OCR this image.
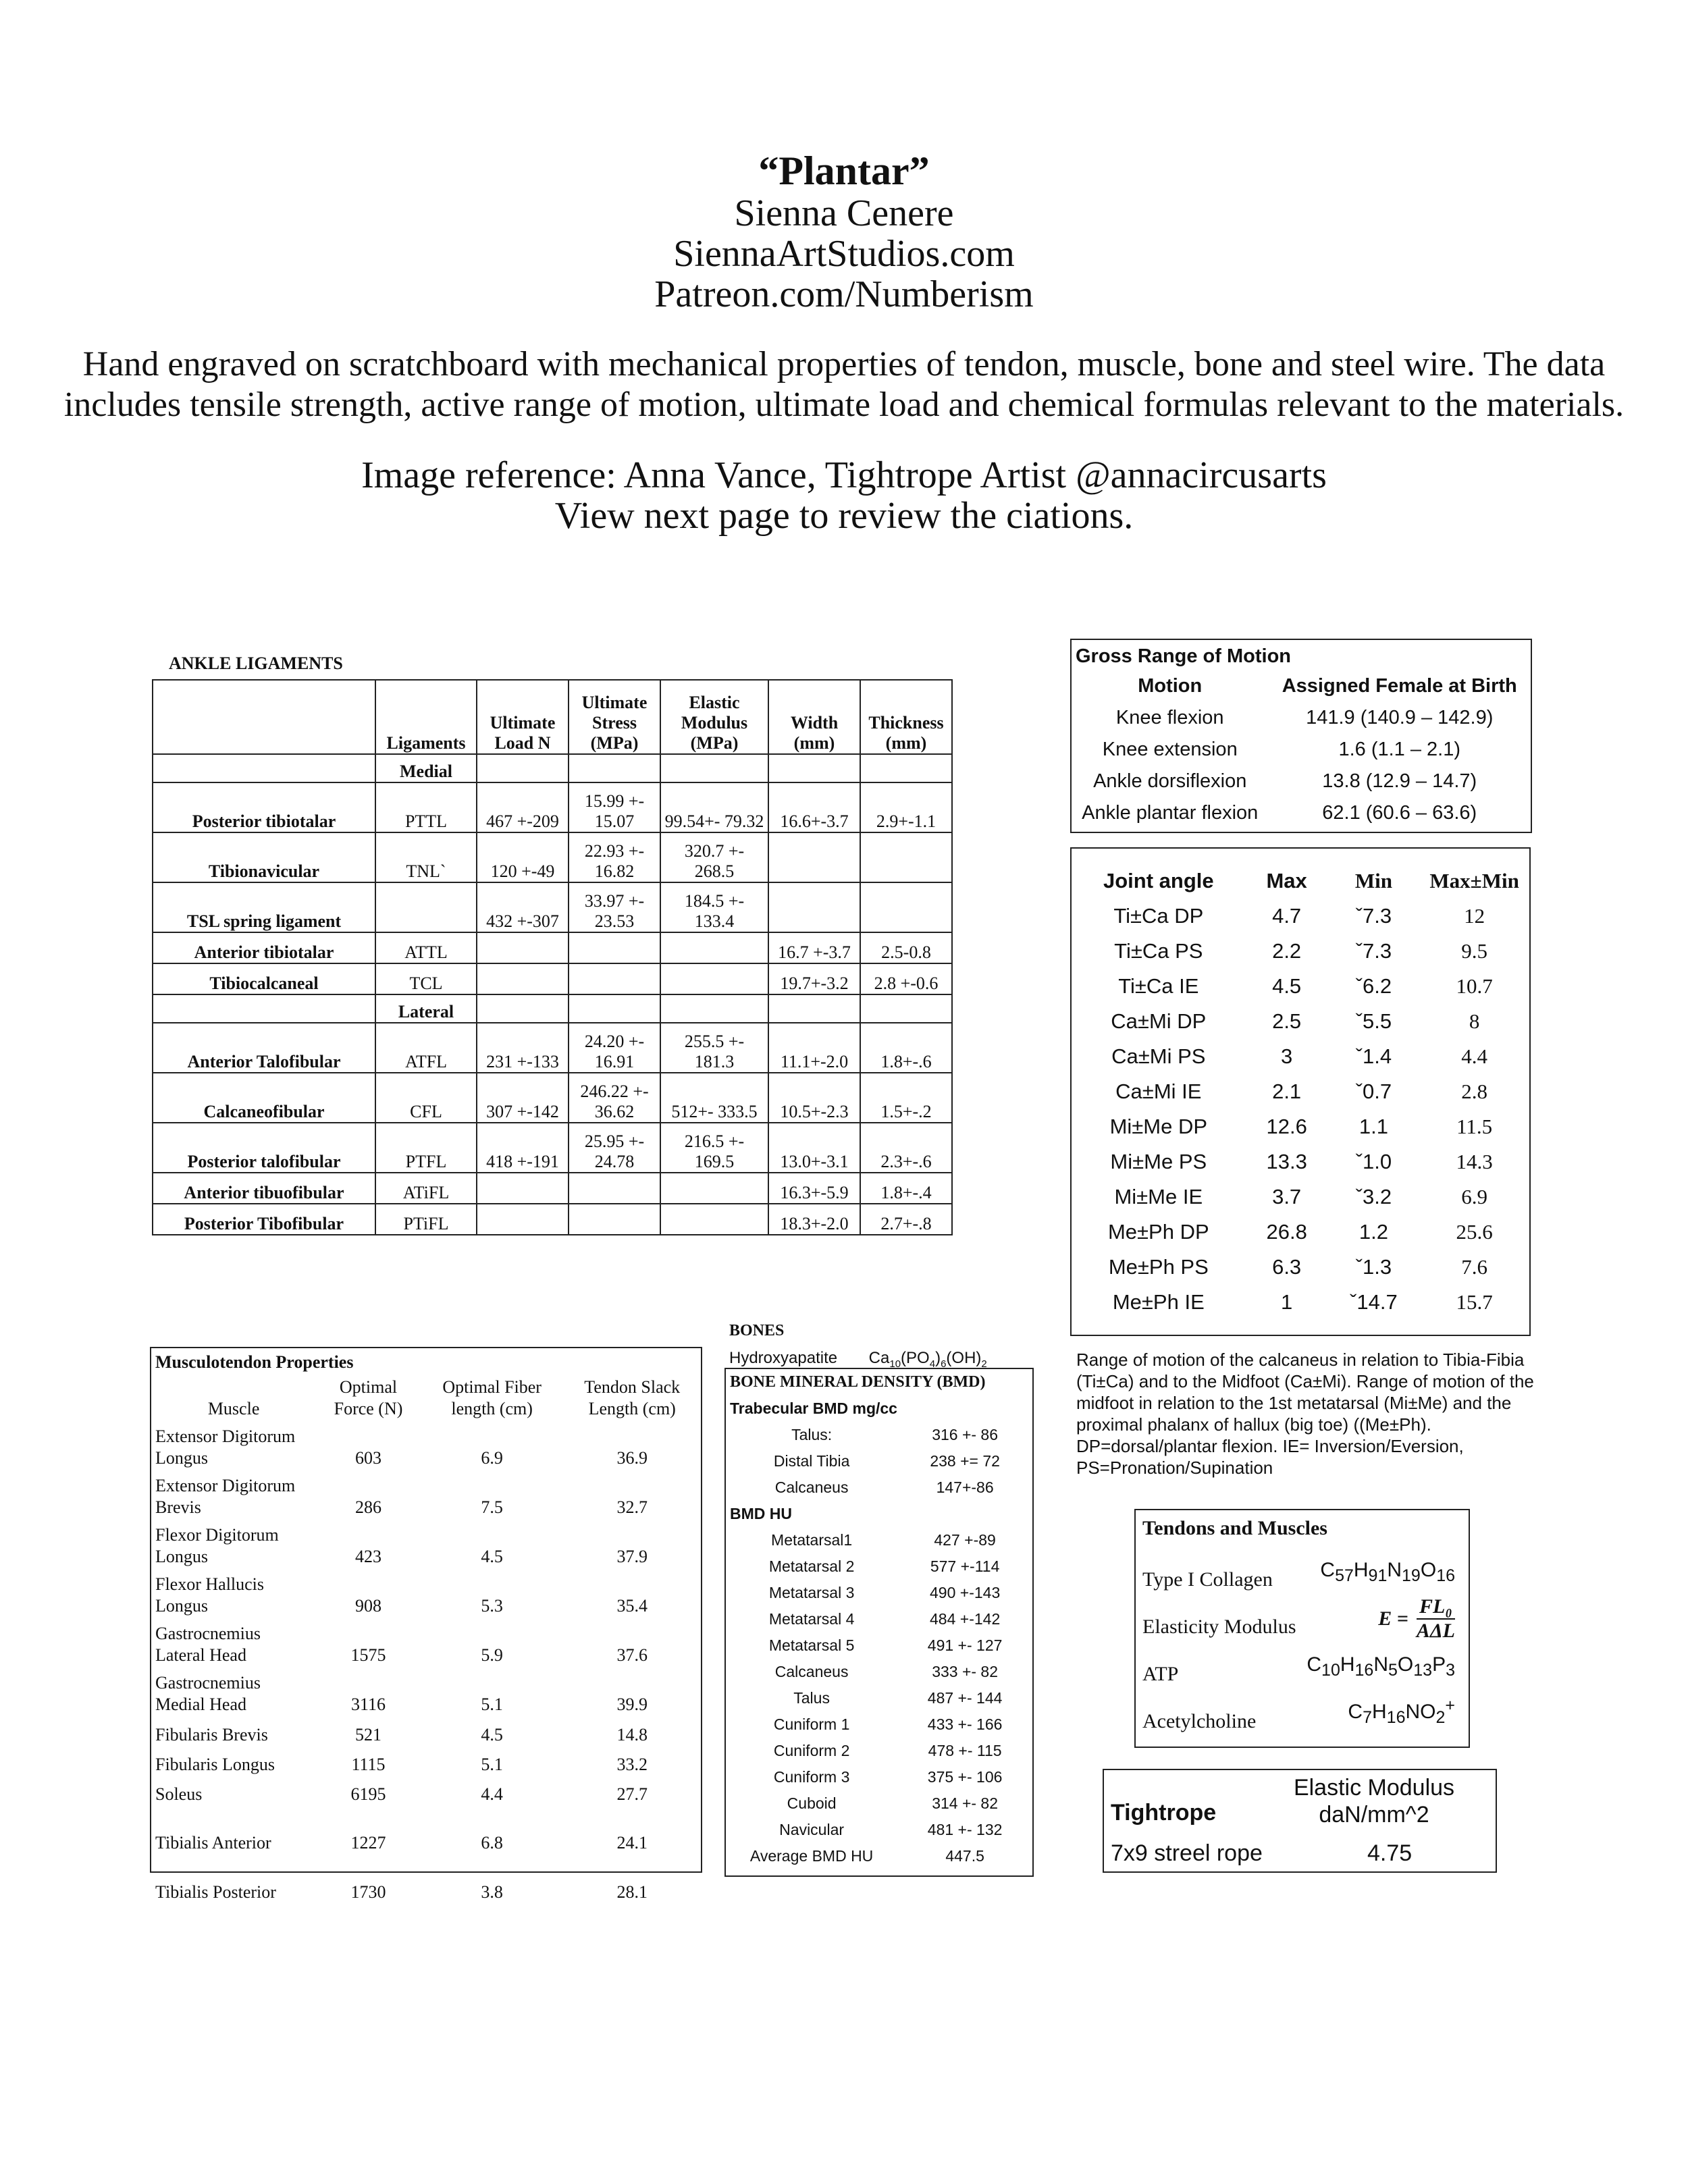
“Plantar”
Sienna Cenere
SiennaArtStudios.com
Patreon.com/Numberism
Hand engraved on scratchboard with mechanical properties of tendon, muscle, bone and steel wire. The data includes tensile strength, active range of motion, ultimate load and chemical formulas relevant to the materials.
Image reference: Anna Vance, Tightrope Artist @annacircusarts
View next page to review the ciations.
ANKLE LIGAMENTS
	Ligaments	Ultimate Load N	Ultimate Stress (MPa)	Elastic Modulus (MPa)	Width (mm)	Thickness (mm)
	Medial					
Posterior tibiotalar	PTTL	467 +-209	15.99 +- 15.07	99.54+- 79.32	16.6+-3.7	2.9+-1.1
Tibionavicular	TNL`	120 +-49	22.93 +- 16.82	320.7 +- 268.5		
TSL spring ligament		432 +-307	33.97 +- 23.53	184.5 +- 133.4		
Anterior tibiotalar	ATTL				16.7 +-3.7	2.5-0.8
Tibiocalcaneal	TCL				19.7+-3.2	2.8 +-0.6
	Lateral					
Anterior Talofibular	ATFL	231 +-133	24.20 +- 16.91	255.5 +- 181.3	11.1+-2.0	1.8+-.6
Calcaneofibular	CFL	307 +-142	246.22 +- 36.62	512+- 333.5	10.5+-2.3	1.5+-.2
Posterior talofibular	PTFL	418 +-191	25.95 +- 24.78	216.5 +- 169.5	13.0+-3.1	2.3+-.6
Anterior tibuofibular	ATiFL				16.3+-5.9	1.8+-.4
Posterior Tibofibular	PTiFL				18.3+-2.0	2.7+-.8
Gross Range of Motion
Motion	Assigned Female at Birth
Knee flexion	141.9 (140.9 – 142.9)
Knee extension	1.6 (1.1 – 2.1)
Ankle dorsiflexion	13.8 (12.9 – 14.7)
Ankle plantar flexion	62.1 (60.6 – 63.6)
Joint angle	Max	Min	Max±Min
Ti±Ca DP	4.7	ˇ7.3	12
Ti±Ca PS	2.2	ˇ7.3	9.5
Ti±Ca IE	4.5	ˇ6.2	10.7
Ca±Mi DP	2.5	ˇ5.5	8
Ca±Mi PS	3	ˇ1.4	4.4
Ca±Mi IE	2.1	ˇ0.7	2.8
Mi±Me DP	12.6	1.1	11.5
Mi±Me PS	13.3	ˇ1.0	14.3
Mi±Me IE	3.7	ˇ3.2	6.9
Me±Ph DP	26.8	1.2	25.6
Me±Ph PS	6.3	ˇ1.3	7.6
Me±Ph IE	1	ˇ14.7	15.7
Range of motion of the calcaneus in relation to Tibia-Fibia (Ti±Ca) and to the Midfoot (Ca±Mi). Range of motion of the midfoot in relation to the 1st metatarsal (Mi±Me) and the proximal phalanx of hallux (big toe) ((Me±Ph). DP=dorsal/plantar flexion. IE= Inversion/Eversion, PS=Pronation/Supination
Tendons and Muscles
Type I Collagen $C_{57}H_{91}N_{19}O_{16}$
Elasticity Modulus	E =
FL₀
AΔL
ATP	$C_{10}H_{16}N_5O_{13}P_3$
Acetylcholine	$C_7H_{16}NO_2^+$
Tightrope
Elastic Modulus daN/mm^2
7x9 streel rope	4.75
Musculotendon Properties
Muscle	Optimal Force (N)	Optimal Fiber length (cm)	Tendon Slack Length (cm)
Extensor Digitorum Longus	603	6.9	36.9
Extensor Digitorum Brevis	286	7.5	32.7
Flexor Digitorum Longus	423	4.5	37.9
Flexor Hallucis Longus	908	5.3	35.4
Gastrocnemius Lateral Head	1575	5.9	37.6
Gastrocnemius Medial Head	3116	5.1	39.9
Fibularis Brevis	521	4.5	14.8
Fibularis Longus	1115	5.1	33.2
Soleus	6195	4.4	27.7
Tibialis Anterior	1227	6.8	24.1
Tibialis Posterior	1730	3.8	28.1
BONES
Hydroxyapatite $Ca_{10}(PO_4)_6(OH)_2$
BONE MINERAL DENSITY (BMD)
Trabecular BMD mg/cc	
Talus:	316 +- 86
Distal Tibia	238 += 72
Calcaneus	147+-86
BMD HU	
Metatarsal1	427 +-89
Metatarsal 2	577 +-114
Metatarsal 3	490 +-143
Metatarsal 4	484 +-142
Metatarsal 5	491 +- 127
Calcaneus	333 +- 82
Talus	487 +- 144
Cuniform 1	433 +- 166
Cuniform 2	478 +- 115
Cuniform 3	375 +- 106
Cuboid	314 +- 82
Navicular	481 +- 132
Average BMD HU	447.5
